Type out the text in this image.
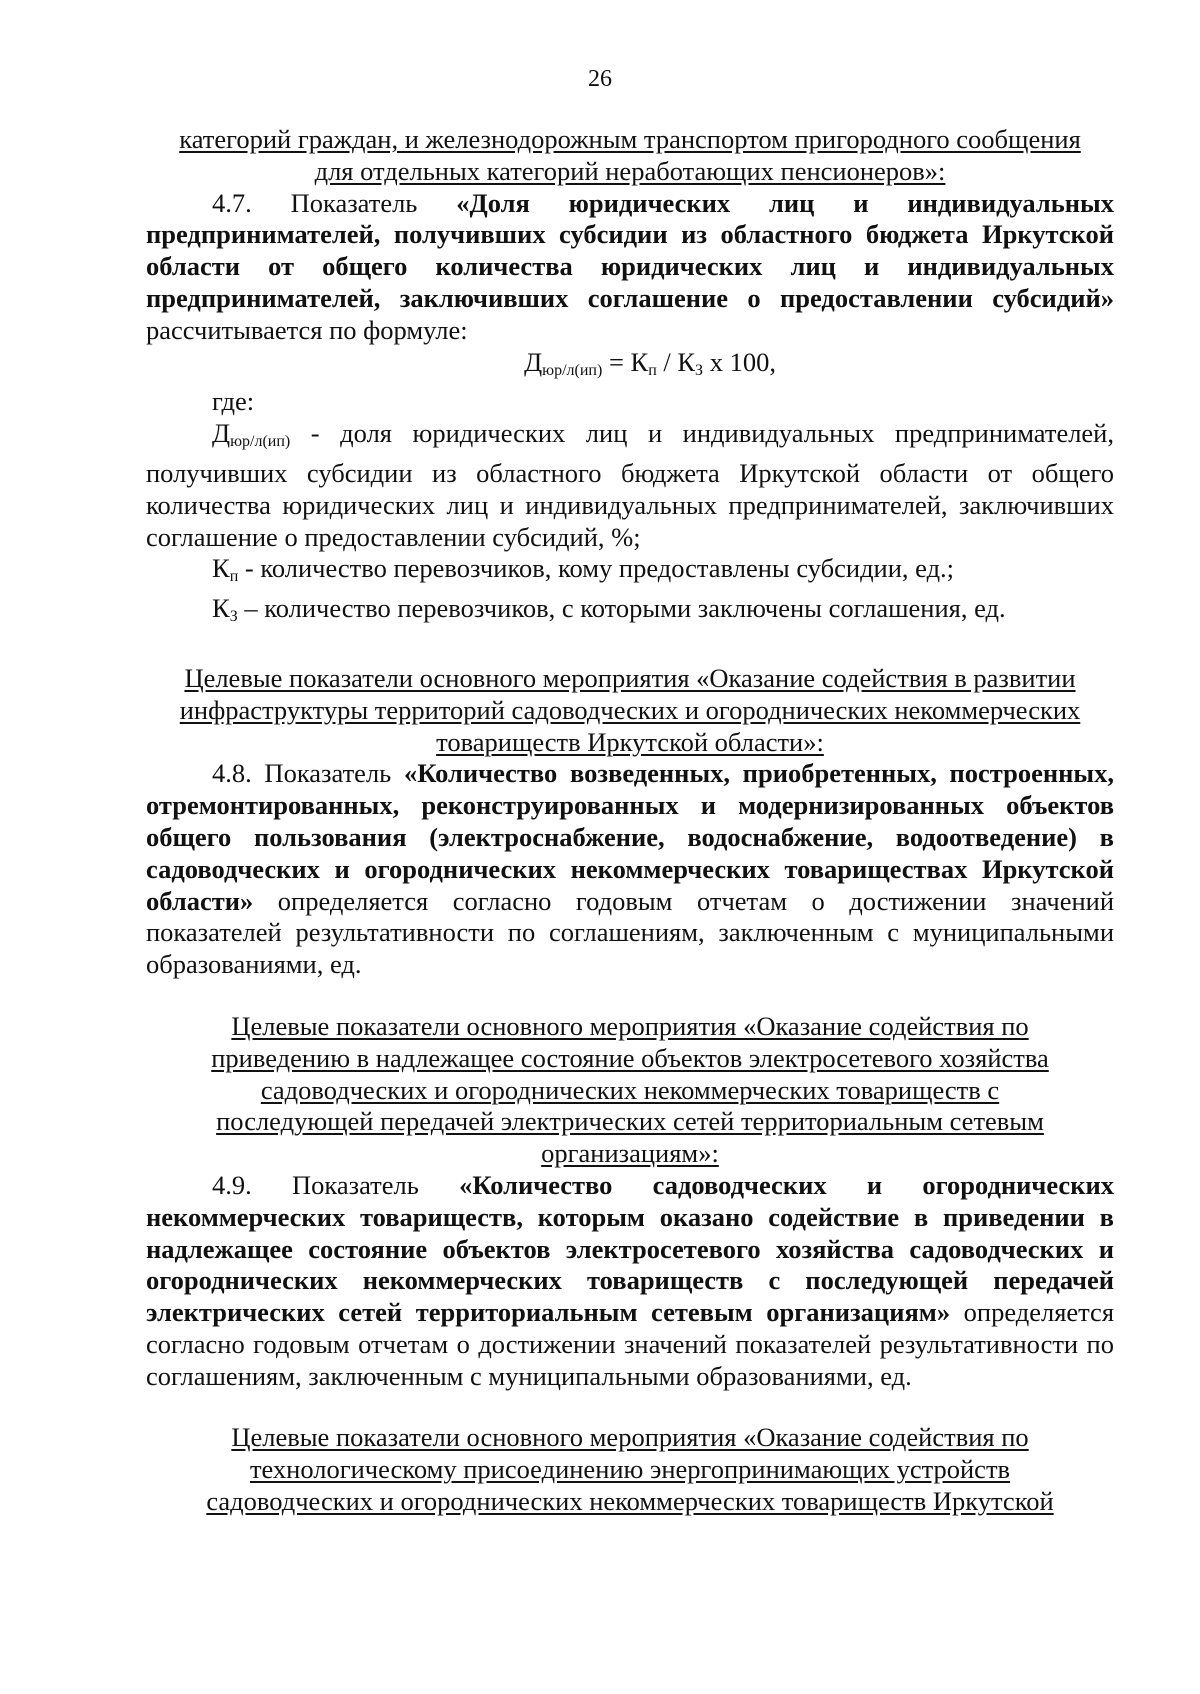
26

категорий граждан, и железнодорожным транспортом пригородного сообщения
для отдельных категорий неработающих пенсионеров»:

4.7. Показатель «Доля юридических лиц и индивидуальных предпринимателей, получивших субсидии из областного бюджета Иркутской области от общего количества юридических лиц и индивидуальных предпринимателей, заключивших соглашение о предоставлении субсидий» рассчитывается по формуле:

Дюр/л(ип) = Кп / КЗ х 100,

где:

Дюр/л(ип) - доля юридических лиц и индивидуальных предпринимателей, получивших субсидии из областного бюджета Иркутской области от общего количества юридических лиц и индивидуальных предпринимателей, заключивших соглашение о предоставлении субсидий, %;

Кп - количество перевозчиков, кому предоставлены субсидии, ед.;

КЗ – количество перевозчиков, с которыми заключены соглашения, ед.

Целевые показатели основного мероприятия «Оказание содействия в развитии
инфраструктуры территорий садоводческих и огороднических некоммерческих
товариществ Иркутской области»:

4.8. Показатель «Количество возведенных, приобретенных, построенных, отремонтированных, реконструированных и модернизированных объектов общего пользования (электроснабжение, водоснабжение, водоотведение) в садоводческих и огороднических некоммерческих товариществах Иркутской области» определяется согласно годовым отчетам о достижении значений показателей результативности по соглашениям, заключенным с муниципальными образованиями, ед.

Целевые показатели основного мероприятия «Оказание содействия по
приведению в надлежащее состояние объектов электросетевого хозяйства
садоводческих и огороднических некоммерческих товариществ с
последующей передачей электрических сетей территориальным сетевым
организациям»:

4.9. Показатель «Количество садоводческих и огороднических некоммерческих товариществ, которым оказано содействие в приведении в надлежащее состояние объектов электросетевого хозяйства садоводческих и огороднических некоммерческих товариществ с последующей передачей электрических сетей территориальным сетевым организациям» определяется согласно годовым отчетам о достижении значений показателей результативности по соглашениям, заключенным с муниципальными образованиями, ед.

Целевые показатели основного мероприятия «Оказание содействия по
технологическому присоединению энергопринимающих устройств
садоводческих и огороднических некоммерческих товариществ Иркутской
